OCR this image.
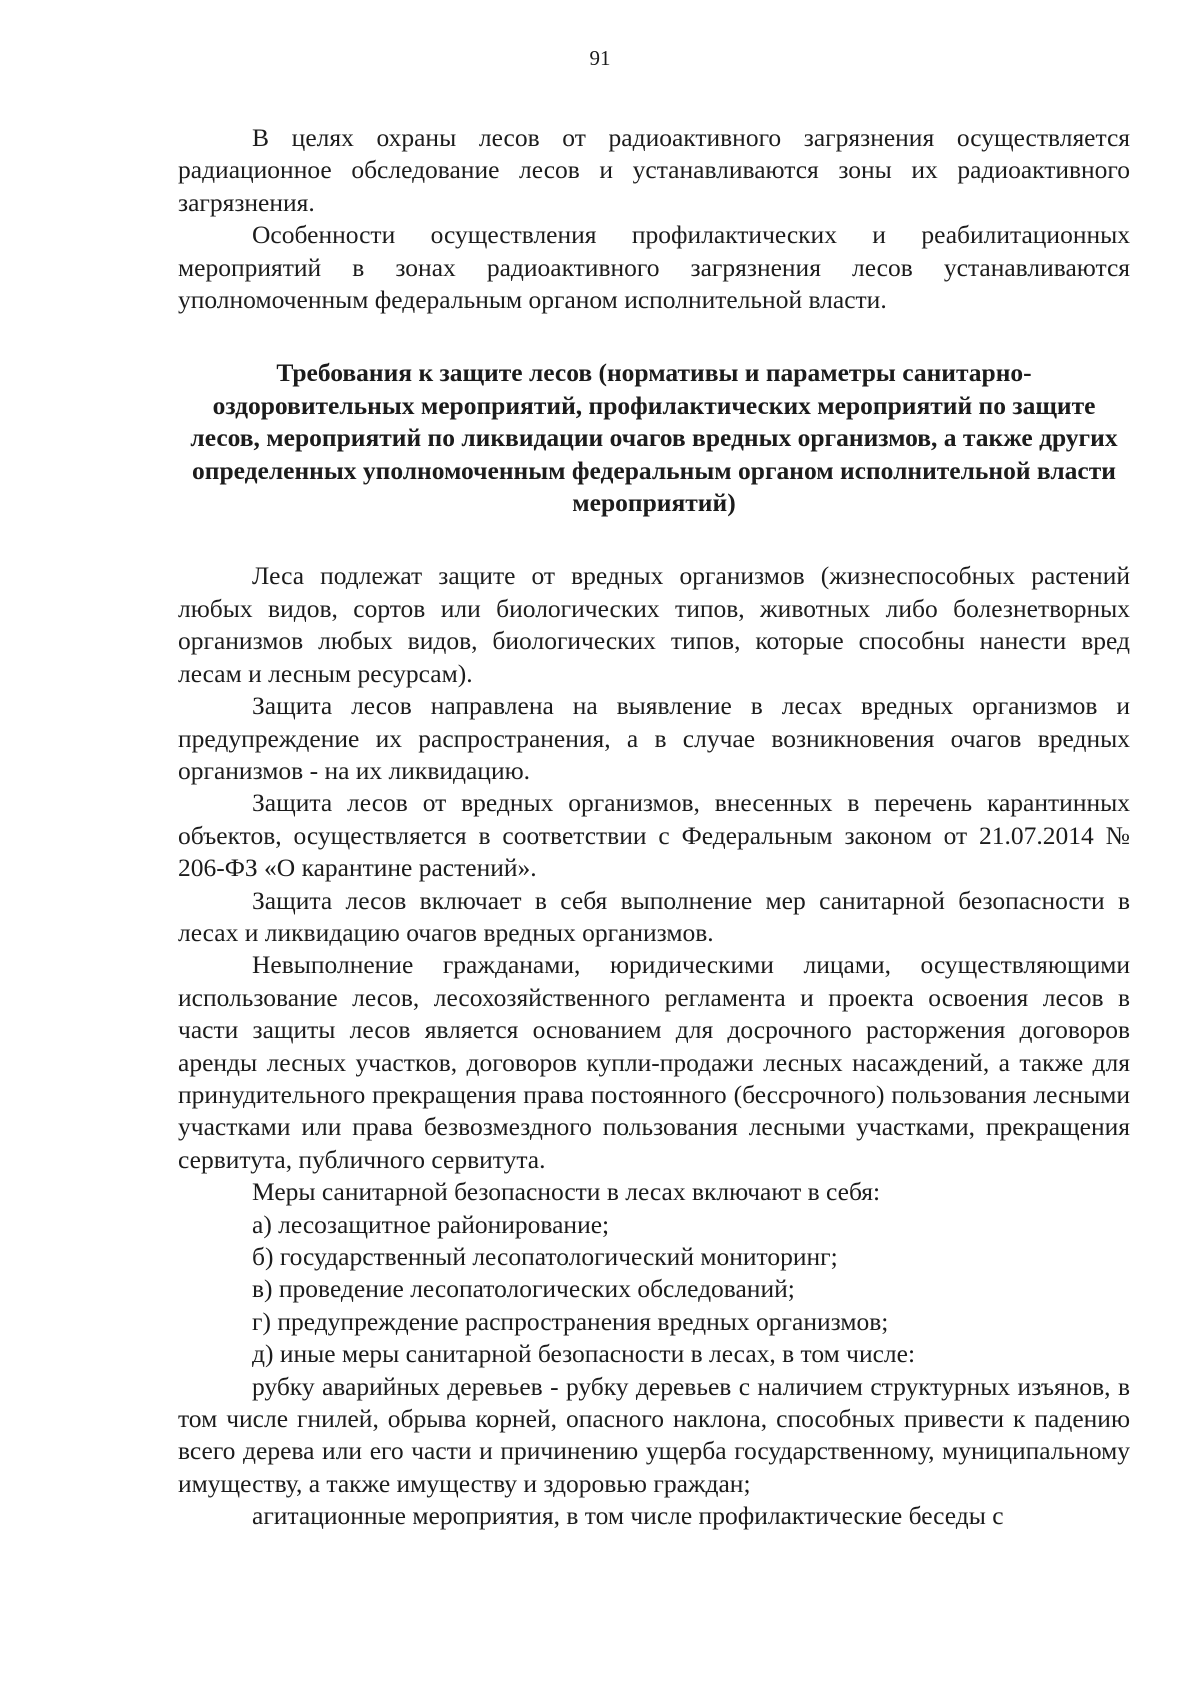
91

В целях охраны лесов от радиоактивного загрязнения осуществляется радиационное обследование лесов и устанавливаются зоны их радиоактивного загрязнения.

Особенности осуществления профилактических и реабилитационных мероприятий в зонах радиоактивного загрязнения лесов устанавливаются уполномоченным федеральным органом исполнительной власти.

Требования к защите лесов (нормативы и параметры санитарно-оздоровительных мероприятий, профилактических мероприятий по защите лесов, мероприятий по ликвидации очагов вредных организмов, а также других определенных уполномоченным федеральным органом исполнительной власти мероприятий)

Леса подлежат защите от вредных организмов (жизнеспособных растений любых видов, сортов или биологических типов, животных либо болезнетворных организмов любых видов, биологических типов, которые способны нанести вред лесам и лесным ресурсам).

Защита лесов направлена на выявление в лесах вредных организмов и предупреждение их распространения, а в случае возникновения очагов вредных организмов - на их ликвидацию.

Защита лесов от вредных организмов, внесенных в перечень карантинных объектов, осуществляется в соответствии с Федеральным законом от 21.07.2014 № 206-ФЗ «О карантине растений».

Защита лесов включает в себя выполнение мер санитарной безопасности в лесах и ликвидацию очагов вредных организмов.

Невыполнение гражданами, юридическими лицами, осуществляющими использование лесов, лесохозяйственного регламента и проекта освоения лесов в части защиты лесов является основанием для досрочного расторжения договоров аренды лесных участков, договоров купли-продажи лесных насаждений, а также для принудительного прекращения права постоянного (бессрочного) пользования лесными участками или права безвозмездного пользования лесными участками, прекращения сервитута, публичного сервитута.

Меры санитарной безопасности в лесах включают в себя:

а) лесозащитное районирование;

б) государственный лесопатологический мониторинг;

в) проведение лесопатологических обследований;

г) предупреждение распространения вредных организмов;

д) иные меры санитарной безопасности в лесах, в том числе:

рубку аварийных деревьев - рубку деревьев с наличием структурных изъянов, в том числе гнилей, обрыва корней, опасного наклона, способных привести к падению всего дерева или его части и причинению ущерба государственному, муниципальному имуществу, а также имуществу и здоровью граждан;

агитационные мероприятия, в том числе профилактические беседы с
